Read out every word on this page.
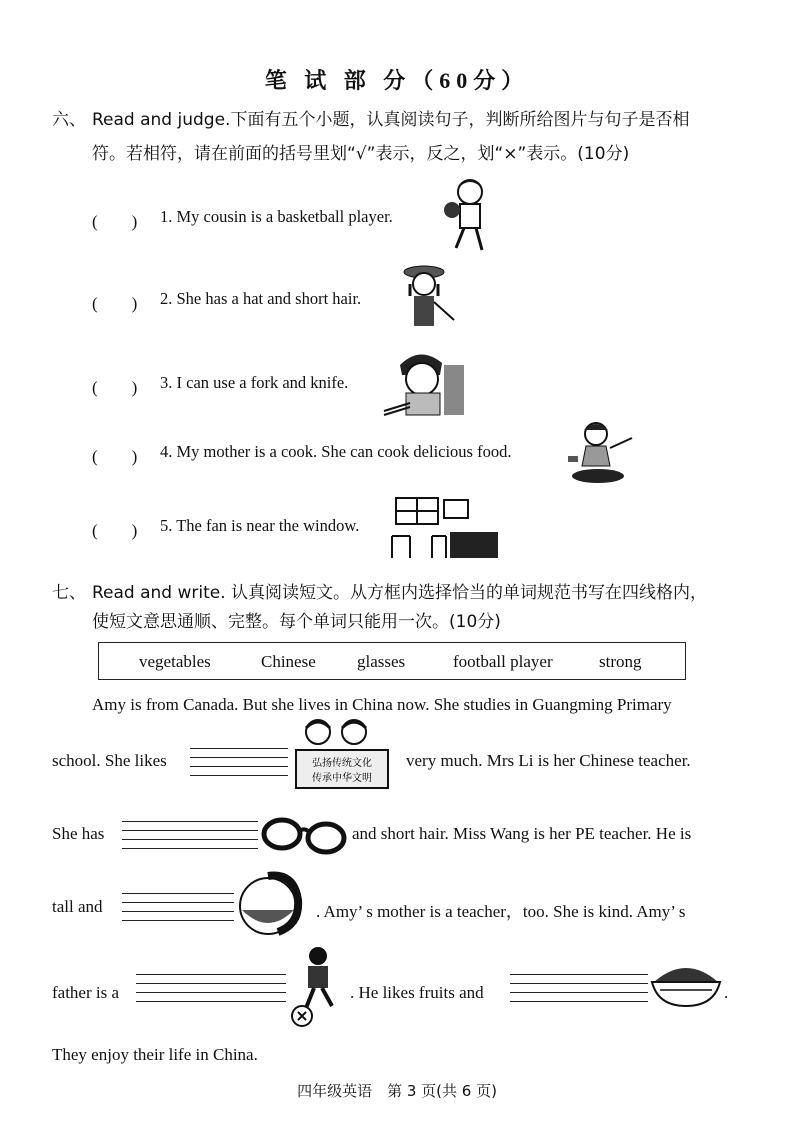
笔 试 部 分（60分）
六、 Read and judge.下面有五个小题，认真阅读句子，判断所给图片与句子是否相
符。若相符，请在前面的括号里划“√”表示，反之，划“×”表示。(10分)
(　　) 1. My cousin is a basketball player.
(　　) 2. She has a hat and short hair.
(　　) 3. I can use a fork and knife.
(　　) 4. My mother is a cook. She can cook delicious food.
(　　) 5. The fan is near the window.
七、 Read and write. 认真阅读短文。从方框内选择恰当的单词规范书写在四线格内，
使短文意思通顺、完整。每个单词只能用一次。(10分)
vegetables	Chinese glasses	football player	strong
Amy is from Canada. But she lives in China now. She studies in Guangming Primary
school. She likes	弘扬传统文化
传承中华文明
very much. Mrs Li is her Chinese teacher.
She has	and short hair. Miss Wang is her PE teacher. He is
tall and	. Amy’ s mother is a teacher，too. She is kind. Amy’ s
father is a	. He likes fruits and	.
They enjoy their life in China.
四年级英语　第 3 页(共 6 页)
